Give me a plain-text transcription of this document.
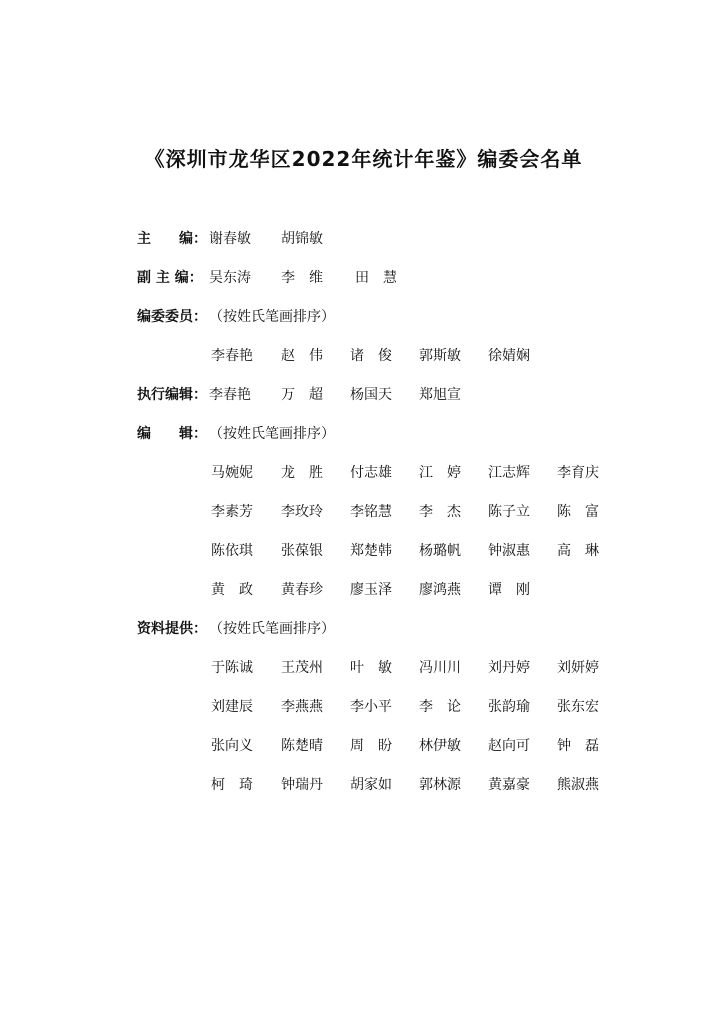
《深圳市龙华区2022年统计年鉴》编委会名单
主　　编： 谢春敏 胡锦敏
副 主 编： 吴东涛 李　维 田　慧
编委委员： （按姓氏笔画排序）
李春艳 赵　伟 诸　俊 郭斯敏 徐婧娴
执行编辑： 李春艳 万　超 杨国天 郑旭宣
编　　辑： （按姓氏笔画排序）
马婉妮 龙　胜 付志雄 江　婷 江志辉 李育庆
李素芳 李玫玲 李铭慧 李　杰 陈子立 陈　富
陈依琪 张葆银 郑楚韩 杨璐帆 钟淑惠 高　琳
黄　政 黄春珍 廖玉泽 廖鸿燕 谭　刚
资料提供： （按姓氏笔画排序）
于陈诚 王茂州 叶　敏 冯川川 刘丹婷 刘妍婷
刘建辰 李燕燕 李小平 李　论 张韵瑜 张东宏
张向义 陈楚晴 周　盼 林伊敏 赵向可 钟　磊
柯　琦 钟瑞丹 胡家如 郭林源 黄嘉豪 熊淑燕
